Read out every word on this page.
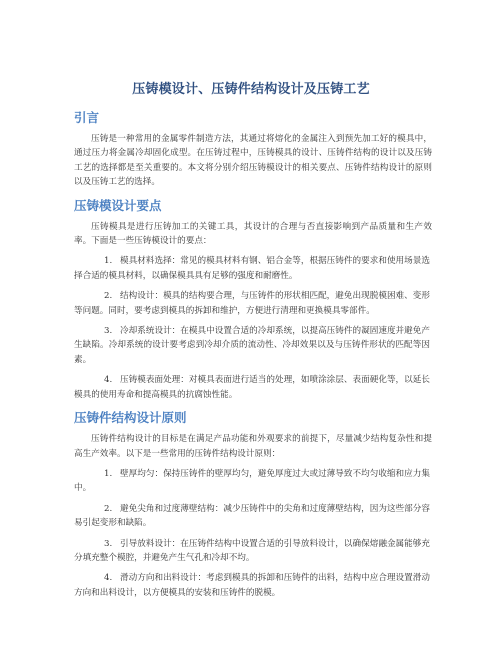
压铸模设计、压铸件结构设计及压铸工艺
引言

压铸是一种常用的金属零件制造方法，其通过将熔化的金属注入到预先加工好的模具中，通过压力将金属冷却固化成型。在压铸过程中，压铸模具的设计、压铸件结构的设计以及压铸工艺的选择都是至关重要的。本文将分别介绍压铸模设计的相关要点、压铸件结构设计的原则以及压铸工艺的选择。

压铸模设计要点

压铸模具是进行压铸加工的关键工具，其设计的合理与否直接影响到产品质量和生产效率。下面是一些压铸模设计的要点：

1. 模具材料选择：常见的模具材料有钢、铝合金等，根据压铸件的要求和使用场景选择合适的模具材料，以确保模具具有足够的强度和耐磨性。

2. 结构设计：模具的结构要合理，与压铸件的形状相匹配，避免出现脱模困难、变形等问题。同时，要考虑到模具的拆卸和维护，方便进行清理和更换模具零部件。

3. 冷却系统设计：在模具中设置合适的冷却系统，以提高压铸件的凝固速度并避免产生缺陷。冷却系统的设计要考虑到冷却介质的流动性、冷却效果以及与压铸件形状的匹配等因素。

4. 压铸模表面处理：对模具表面进行适当的处理，如喷涂涂层、表面硬化等，以延长模具的使用寿命和提高模具的抗腐蚀性能。

压铸件结构设计原则

压铸件结构设计的目标是在满足产品功能和外观要求的前提下，尽量减少结构复杂性和提高生产效率。以下是一些常用的压铸件结构设计原则：

1. 壁厚均匀：保持压铸件的壁厚均匀，避免厚度过大或过薄导致不均匀收缩和应力集中。

2. 避免尖角和过度薄壁结构：减少压铸件中的尖角和过度薄壁结构，因为这些部分容易引起变形和缺陷。

3. 引导放料设计：在压铸件结构中设置合适的引导放料设计，以确保熔融金属能够充分填充整个模腔，并避免产生气孔和冷却不均。

4. 滑动方向和出料设计：考虑到模具的拆卸和压铸件的出料，结构中应合理设置滑动方向和出料设计，以方便模具的安装和压铸件的脱模。
